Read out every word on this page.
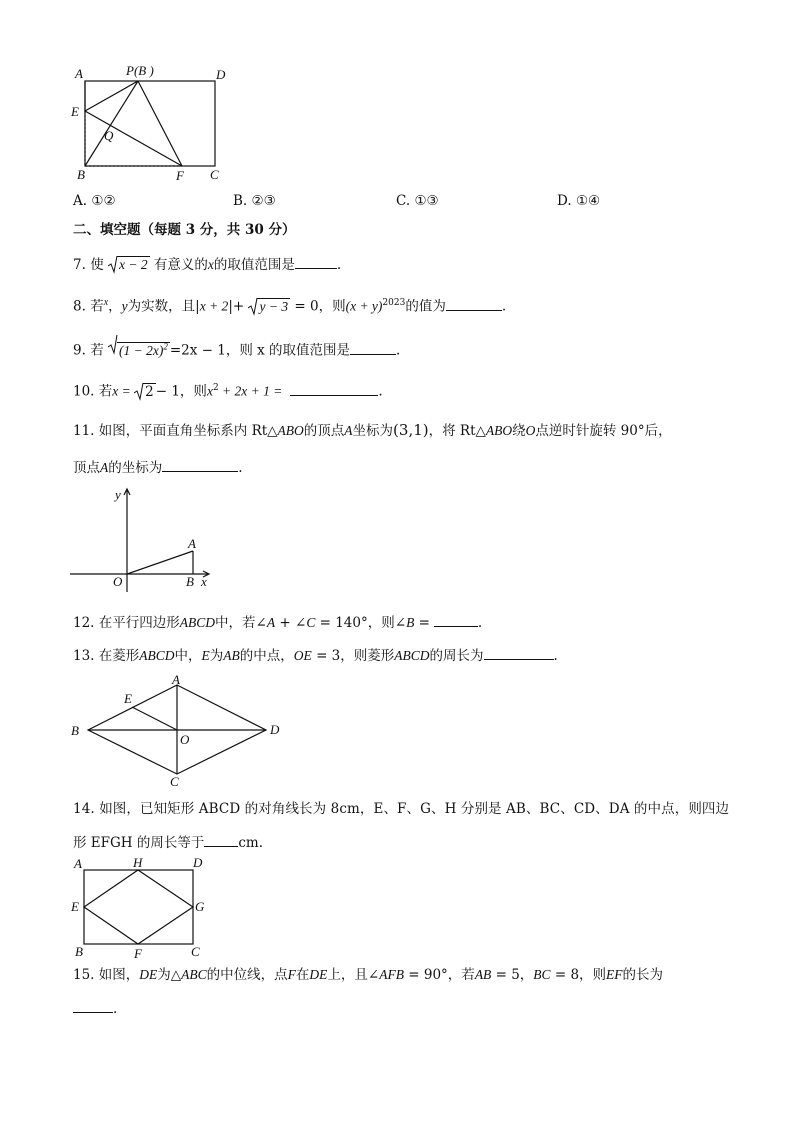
A	P(B )	D
E
Q
B	F C
A. ①②	B. ②③	C. ①③	D. ①④
二、填空题（每题 3 分，共 30 分）
7. 使 x − 2 有意义的x的取值范围是	.
8. 若$^x$，y为实数，且|x + 2|+ y − 3 = 0，则$(x + y)^{2023}$的值为	.
9. 若 $(1 - 2x)^2 =2x - 1$，则 x 的取值范围是	.
10. 若x =
2 − 1，则$x^2 + 2x + 1$ =	.
11. 如图，平面直角坐标系内 Rt△ABO的顶点A坐标为(3,1)，将 Rt△ABO绕O点逆时针旋转 90°后，
顶点A的坐标为	.
y
A
O	B x
12. 在平行四边形ABCD中，若∠A + ∠C = 140°，则∠B =	.
13. 在菱形ABCD中，E为AB的中点，OE = 3，则菱形ABCD的周长为	.
A
E
B
O
D
C
14. 如图，已知矩形 ABCD 的对角线长为 8cm，E、F、G、H 分别是 AB、BC、CD、DA 的中点，则四边
形 EFGH 的周长等于	cm.
A	H	D
E	G
B	F	C
15. 如图，DE为△ABC的中位线，点F在DE上，且∠AFB = 90°，若AB = 5，BC = 8，则EF的长为
.
